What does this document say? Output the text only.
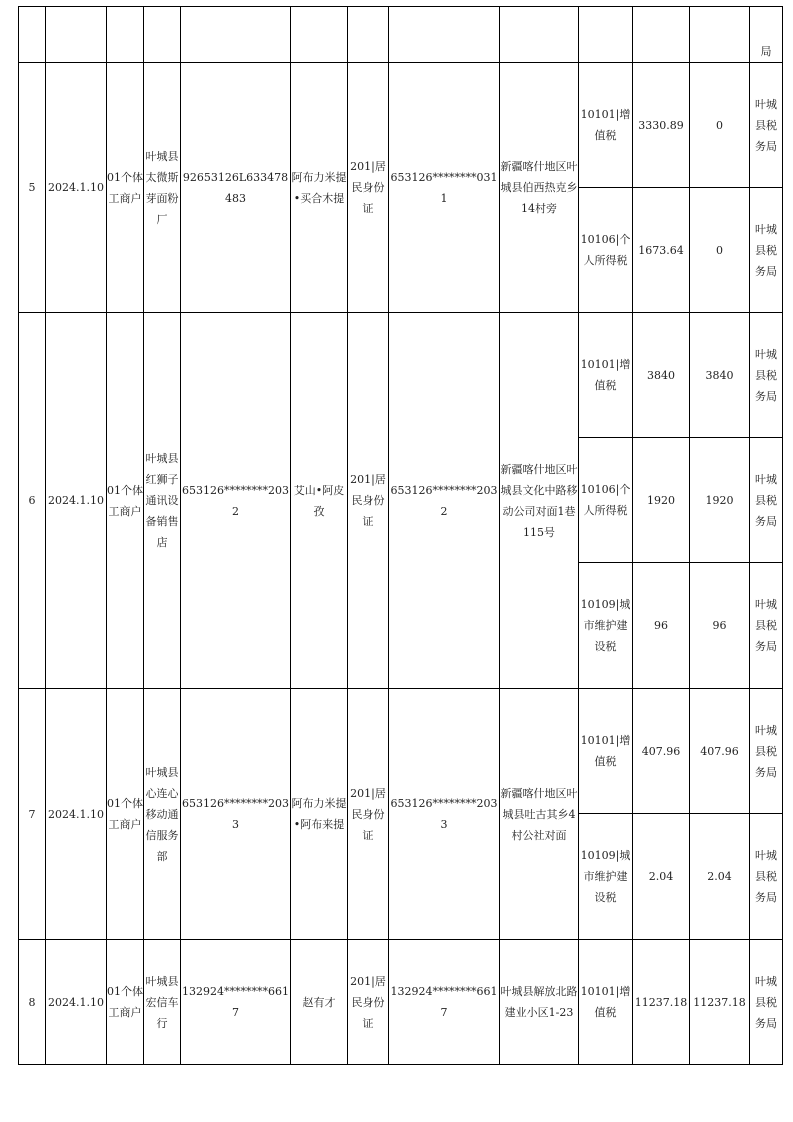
												局
5	2024.1.10	01个体工商户	叶城县太微斯芽面粉厂	92653126L633478483	阿布力米提•买合木提	201|居民身份证	653126********0311	新疆喀什地区叶城县伯西热克乡14村旁	10101|增值税	3330.89	0	叶城县税务局
									10106|个人所得税	1673.64	0	叶城县税务局
6	2024.1.10	01个体工商户	叶城县红狮子通讯设备销售店	653126********2032	艾山•阿皮孜	201|居民身份证	653126********2032	新疆喀什地区叶城县文化中路移动公司对面1巷115号	10101|增值税	3840	3840	叶城县税务局
									10106|个人所得税	1920	1920	叶城县税务局
									10109|城市维护建设税	96	96	叶城县税务局
7	2024.1.10	01个体工商户	叶城县心连心移动通信服务部	653126********2033	阿布力米提•阿布来提	201|居民身份证	653126********2033	新疆喀什地区叶城县吐古其乡4村公社对面	10101|增值税	407.96	407.96	叶城县税务局
									10109|城市维护建设税	2.04	2.04	叶城县税务局
8	2024.1.10	01个体工商户	叶城县宏信车行	132924********6617	赵有才	201|居民身份证	132924********6617	叶城县解放北路建业小区1-23	10101|增值税	11237.18	11237.18	叶城县税务局
